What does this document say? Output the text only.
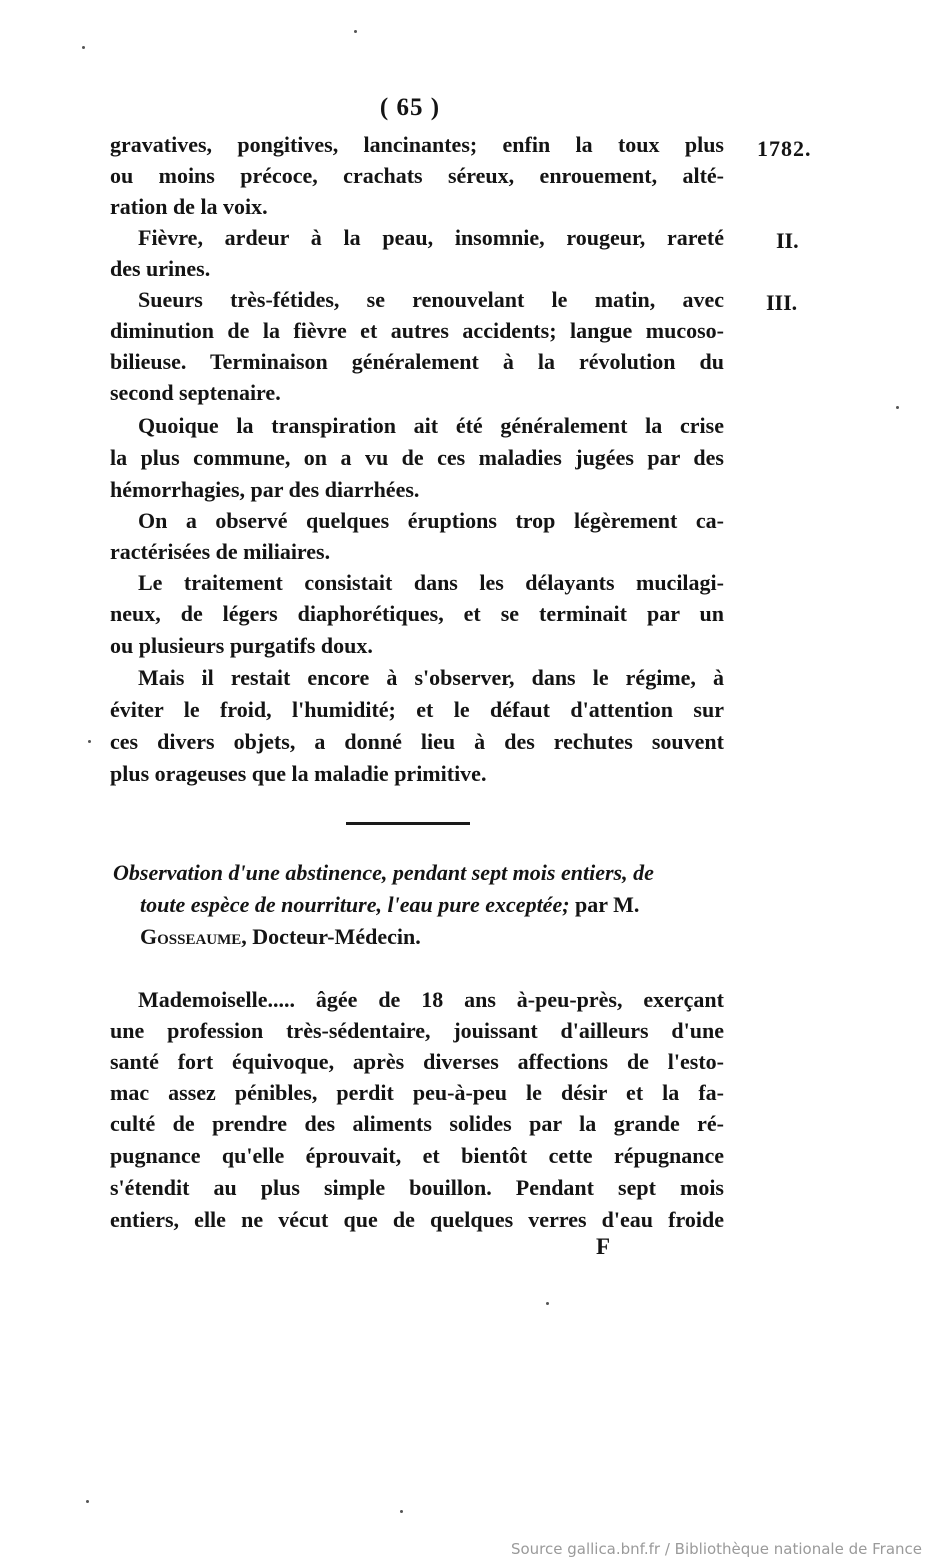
( 65 )
1782.
II.
III.
gravatives, pongitives, lancinantes; enfin la toux plus
ou moins précoce, crachats séreux, enrouement, alté-
ration de la voix.
Fièvre, ardeur à la peau, insomnie, rougeur, rareté
des urines.
Sueurs très-fétides, se renouvelant le matin, avec
diminution de la fièvre et autres accidents; langue mucoso-
bilieuse. Terminaison généralement à la révolution du
second septenaire.
Quoique la transpiration ait été généralement la crise
la plus commune, on a vu de ces maladies jugées par des
hémorrhagies, par des diarrhées.
On a observé quelques éruptions trop légèrement ca-
ractérisées de miliaires.
Le traitement consistait dans les délayants mucilagi-
neux, de légers diaphorétiques, et se terminait par un
ou plusieurs purgatifs doux.
Mais il restait encore à s'observer, dans le régime, à
éviter le froid, l'humidité; et le défaut d'attention sur
ces divers objets, a donné lieu à des rechutes souvent
plus orageuses que la maladie primitive.
Observation d'une abstinence, pendant sept mois entiers, de
toute espèce de nourriture, l'eau pure exceptée; par M.
Gosseaume, Docteur-Médecin.
Mademoiselle..... âgée de 18 ans à-peu-près, exerçant
une profession très-sédentaire, jouissant d'ailleurs d'une
santé fort équivoque, après diverses affections de l'esto-
mac assez pénibles, perdit peu-à-peu le désir et la fa-
culté de prendre des aliments solides par la grande ré-
pugnance qu'elle éprouvait, et bientôt cette répugnance
s'étendit au plus simple bouillon. Pendant sept mois
entiers, elle ne vécut que de quelques verres d'eau froide
F
Source gallica.bnf.fr / Bibliothèque nationale de France
